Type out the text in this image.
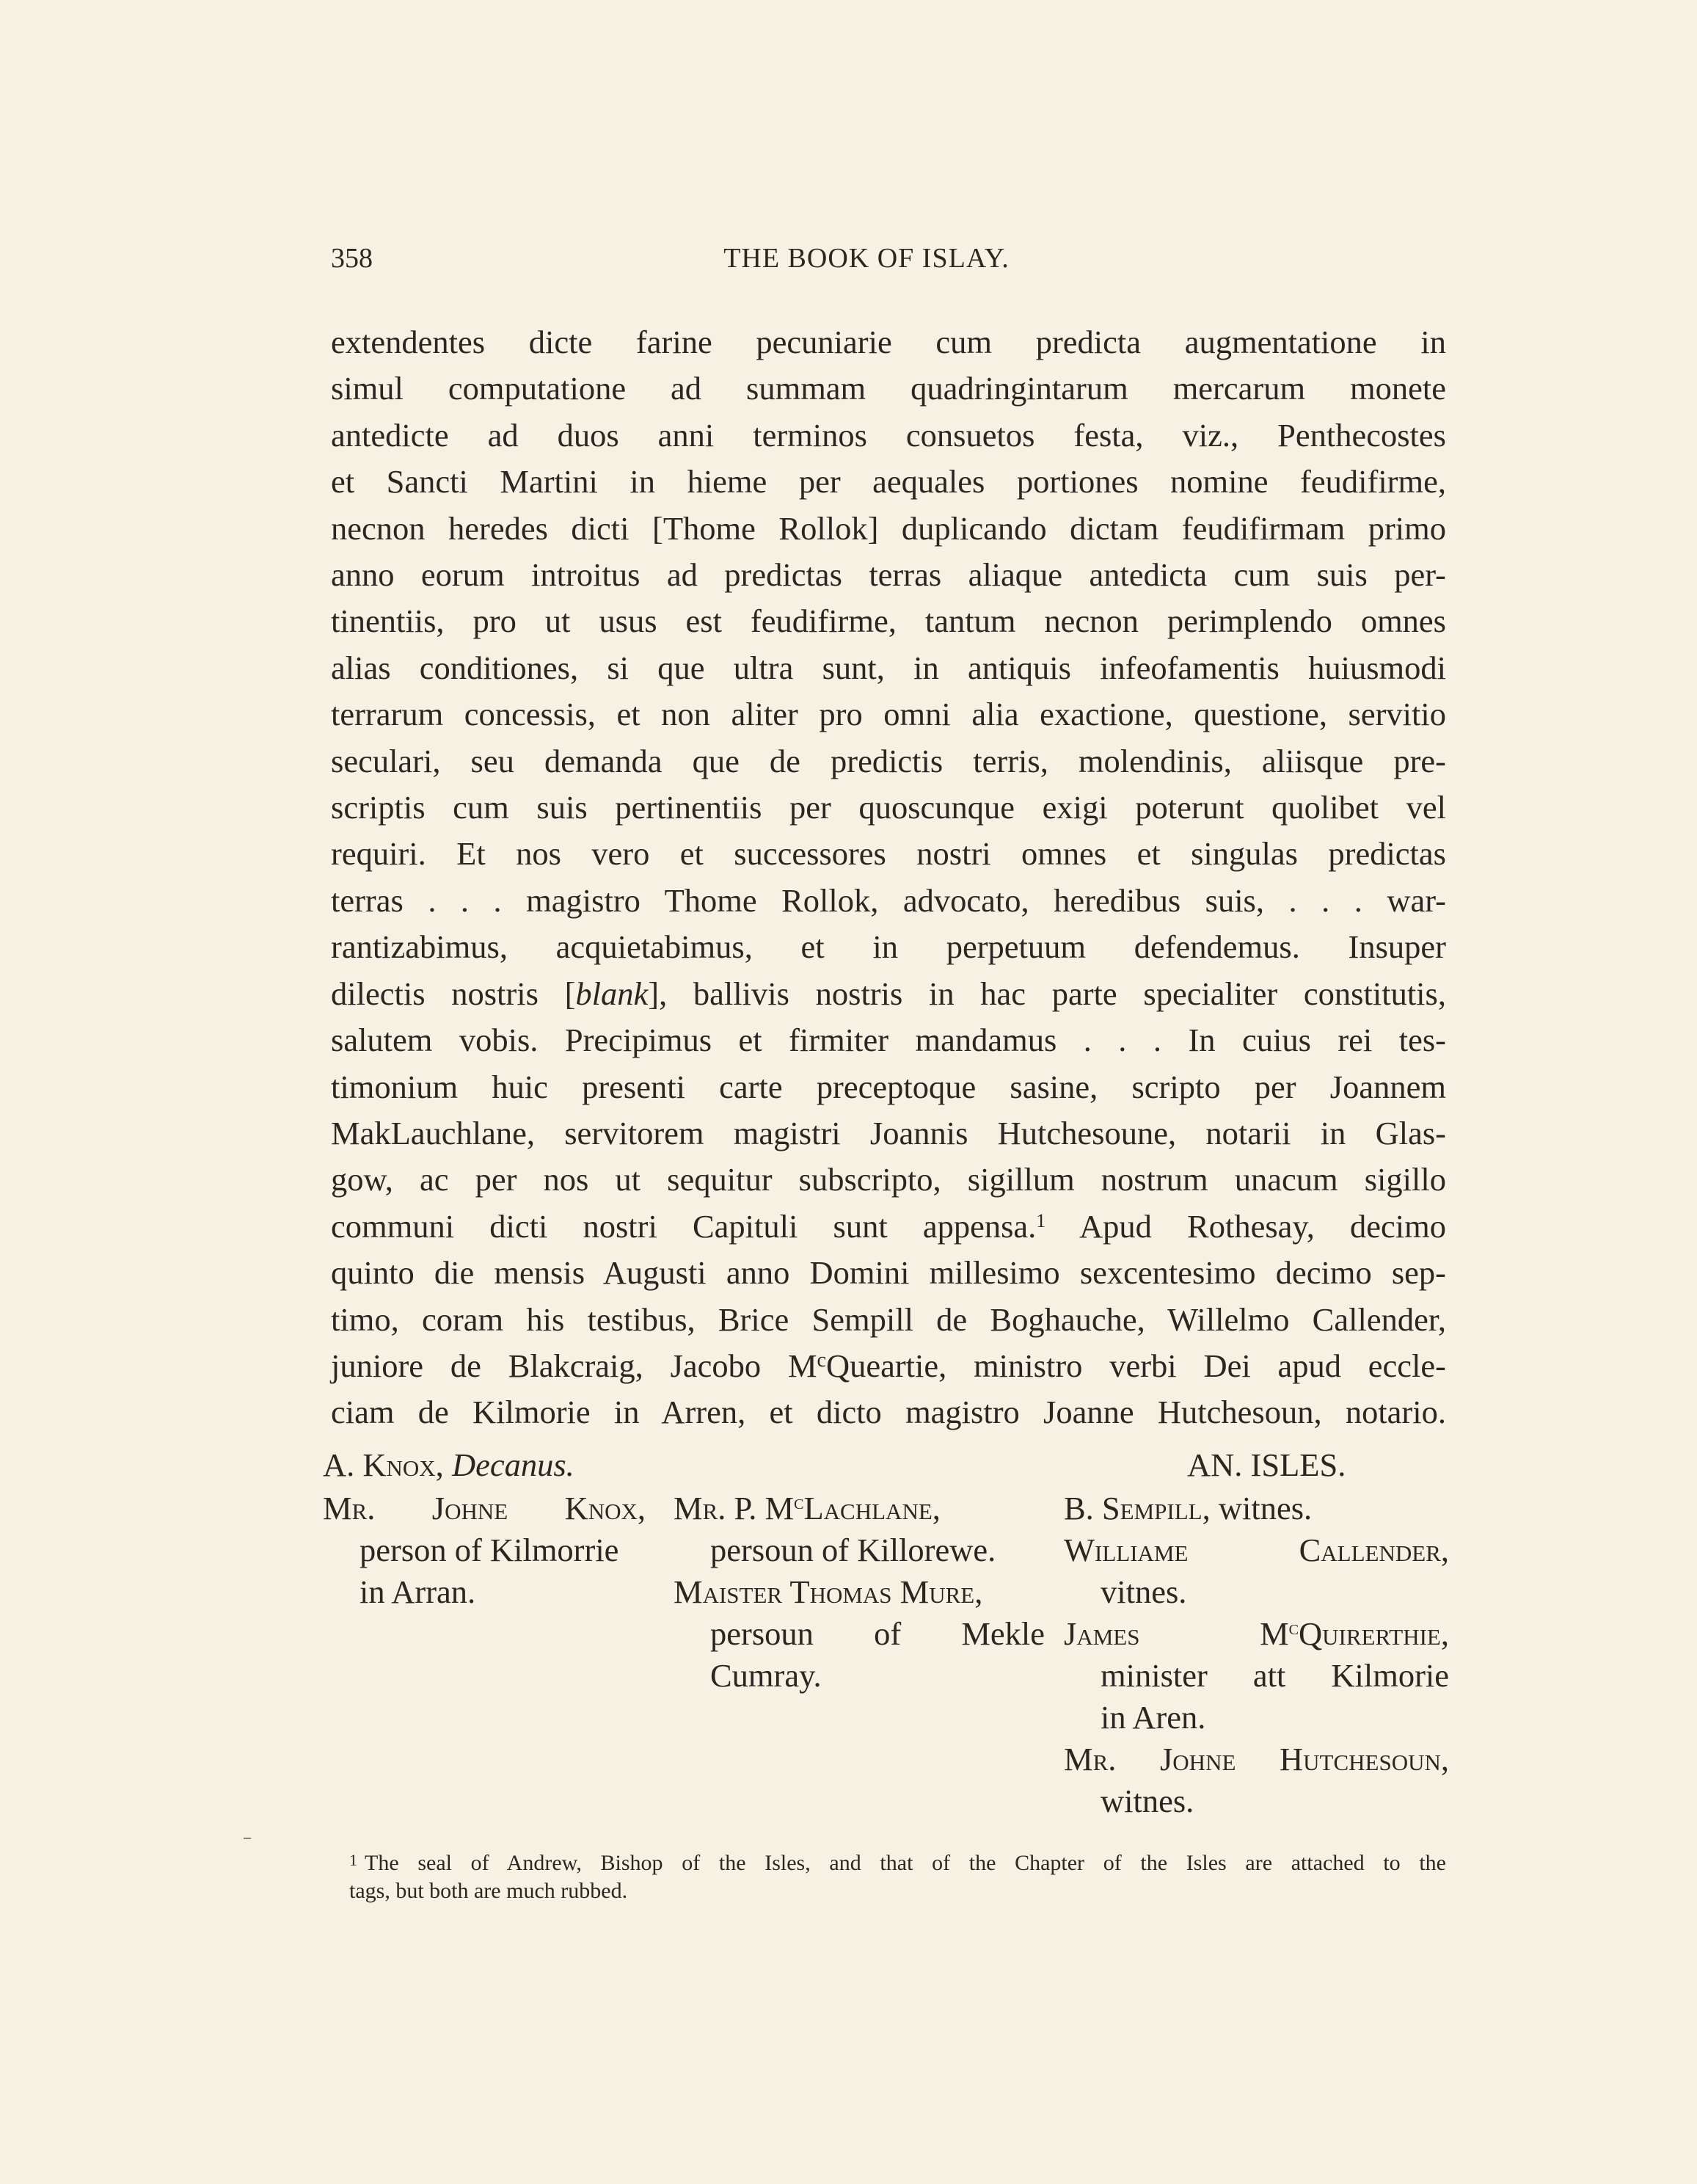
358	THE BOOK OF ISLAY.
extendentes dicte farine pecuniarie cum predicta augmentatione in
simul computatione ad summam quadringintarum mercarum monete
antedicte ad duos anni terminos consuetos festa, viz., Penthecostes
et Sancti Martini in hieme per aequales portiones nomine feudifirme,
necnon heredes dicti [Thome Rollok] duplicando dictam feudifirmam primo
anno eorum introitus ad predictas terras aliaque antedicta cum suis per-
tinentiis, pro ut usus est feudifirme, tantum necnon perimplendo omnes
alias conditiones, si que ultra sunt, in antiquis infeofamentis huiusmodi
terrarum concessis, et non aliter pro omni alia exactione, questione, servitio
seculari, seu demanda que de predictis terris, molendinis, aliisque pre-
scriptis cum suis pertinentiis per quoscunque exigi poterunt quolibet vel
requiri. Et nos vero et successores nostri omnes et singulas predictas
terras . . . magistro Thome Rollok, advocato, heredibus suis, . . . war-
rantizabimus, acquietabimus, et in perpetuum defendemus. Insuper
dilectis nostris [blank], ballivis nostris in hac parte specialiter constitutis,
salutem vobis. Precipimus et firmiter mandamus . . . In cuius rei tes-
timonium huic presenti carte preceptoque sasine, scripto per Joannem
MakLauchlane, servitorem magistri Joannis Hutchesoune, notarii in Glas-
gow, ac per nos ut sequitur subscripto, sigillum nostrum unacum sigillo
communi dicti nostri Capituli sunt appensa.$^1$ Apud Rothesay, decimo
quinto die mensis Augusti anno Domini millesimo sexcentesimo decimo sep-
timo, coram his testibus, Brice Sempill de Boghauche, Willelmo Callender,
juniore de Blakcraig, Jacobo $M^cQueartie$, ministro verbi Dei apud eccle-
ciam de Kilmorie in Arren, et dicto magistro Joanne Hutchesoun, notario.
A. Knox, Decanus.	AN. ISLES.
Mr. Johne Knox,
person of Kilmorrie
in Arran.
Mr. P. $M^cLachlane$,
persoun of Killorewe.
Maister Thomas Mure,
persoun of Mekle
Cumray.
B. Sempill, witnes.
Williame Callender,
vitnes.
James $M^cQuirerthie$,
minister att Kilmorie
in Aren.
Mr. Johne Hutchesoun,
witnes.
$^1$ The seal of Andrew, Bishop of the Isles, and that of the Chapter of the Isles are attached to the
tags, but both are much rubbed.
